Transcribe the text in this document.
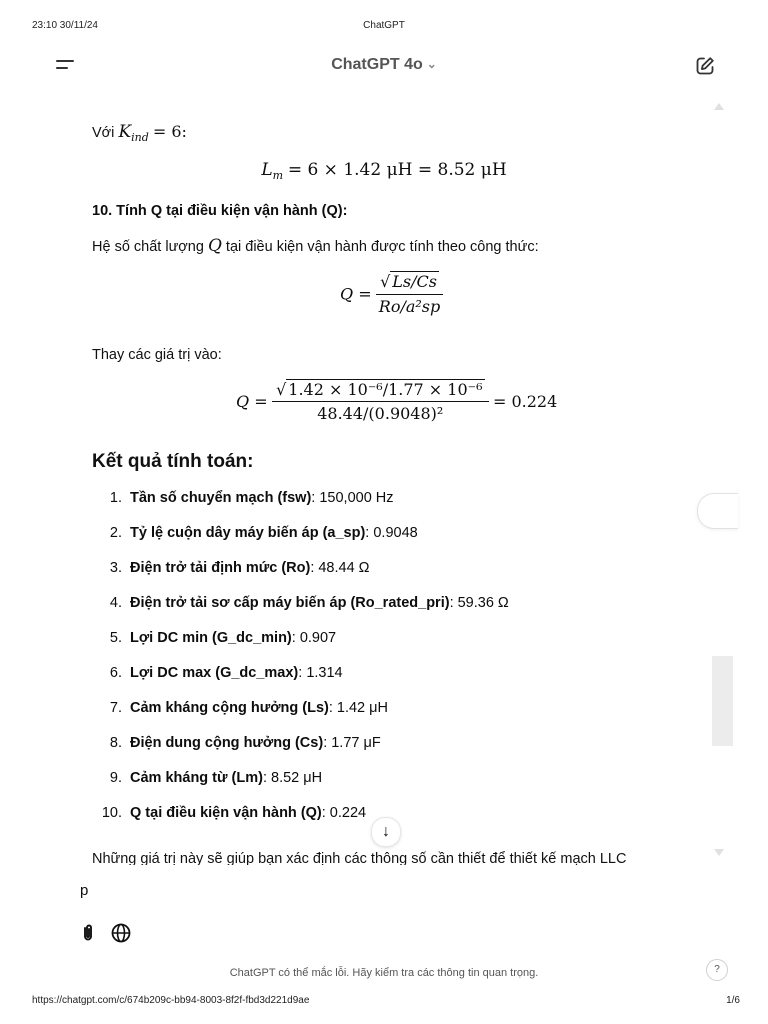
23:10 30/11/24	ChatGPT
https://chatgpt.com/c/674b209c-bb94-8003-8f2f-fbd3d221d9ae	1/6
ChatGPT 4o ⌄
Với $K_{ind} = 6$:
$L_m = 6 \times 1.42$ μH = 8.52 μH
10. Tính Q tại điều kiện vận hành (Q):
Hệ số chất lượng Q tại điều kiện vận hành được tính theo công thức:
$Q = \frac{√ Ls/Cs}{\text{Ro/a²sp}}$
Thay các giá trị vào:
$Q = \frac{\text{√ 1.42 × 10⁻⁶/1.77 × 10⁻⁶}}{\text{48.44/(0.9048)²}} = 0.224$
Kết quả tính toán:
1. Tần số chuyển mạch (fsw): 150,000 Hz
2. Tỷ lệ cuộn dây máy biến áp (a_sp): 0.9048
3. Điện trở tải định mức (Ro): 48.44 Ω
4. Điện trở tải sơ cấp máy biến áp (Ro_rated_pri): 59.36 Ω
5. Lợi DC min (G_dc_min): 0.907
6. Lợi DC max (G_dc_max): 1.314
7. Cảm kháng cộng hưởng (Ls): 1.42 μH
8. Điện dung cộng hưởng (Cs): 1.77 μF
9. Cảm kháng từ (Lm): 8.52 μH
10. Q tại điều kiện vận hành (Q): 0.224
↓
Những giá trị này sẽ giúp bạn xác định các thông số cần thiết để thiết kế mạch LLC
p
ChatGPT có thể mắc lỗi. Hãy kiểm tra các thông tin quan trọng.	?
